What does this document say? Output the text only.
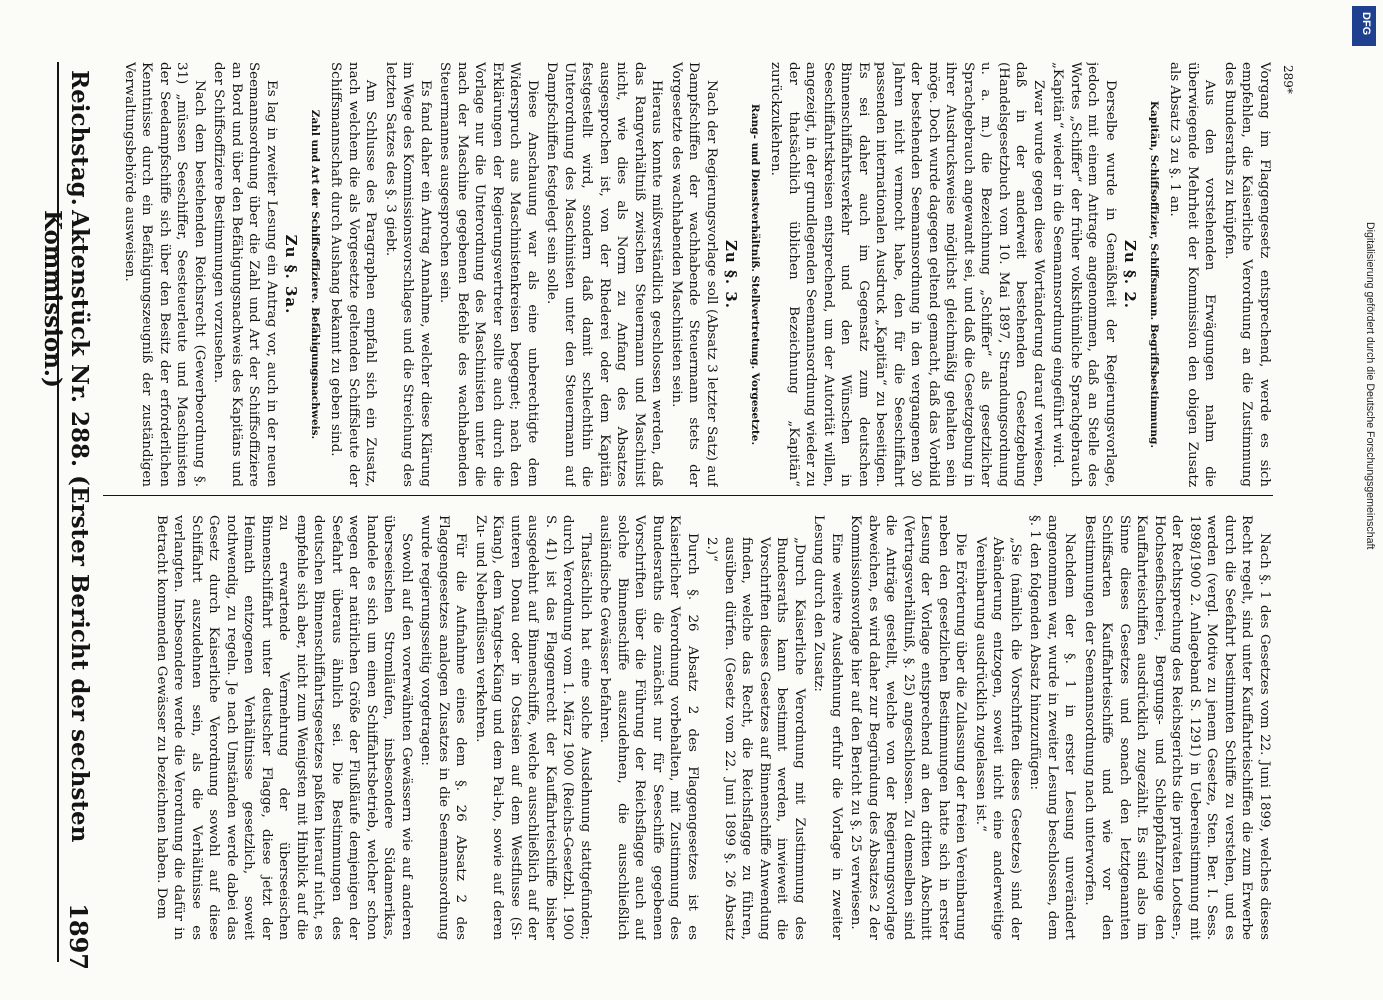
Reichstag.
Aktenstück Nr. 288. (Erster Bericht der sechsten Kommission.)
1897	Nach §. 1 des Gesetzes vom 22. Juni 1899, welches dieses Recht regelt, sind unter Kauffahrteischiffen die zum Erwerbe durch die Seefahrt bestimmten Schiffe zu verstehen, und es werden (vergl. Motive zu jenem Gesetze, Sten. Ber. I. Sess. 1898/1900 2. Anlageband S. 1291) in Uebereinstimmung mit der Rechtsprechung des Reichsgerichts die privaten Lootsen-, Hochseefischerei-, Bergungs- und Schleppfahrzeuge den Kauffahrteischiffen ausdrücklich zugezählt. Es sind also im Sinne dieses Gesetzes und sonach den letztgenannten Schiffsarten Kauffahrteischiffe und wie vor den Bestimmungen der Seemannsordnung nach unterworfen.

Nachdem der §. 1 in erster Lesung unverändert angenommen war, wurde in zweiter Lesung beschlossen, dem §. 1 den folgenden Absatz hinzuzufügen:

„Sie (nämlich die Vorschriften dieses Gesetzes) sind der Abänderung entzogen, soweit nicht eine anderweitige Vereinbarung ausdrücklich zugelassen ist.“

Die Erörterung über die Zulassung der freien Vereinbarung neben den gesetzlichen Bestimmungen hatte sich in erster Lesung der Vorlage entsprechend an den dritten Abschnitt (Vertragsverhältniß, §. 25) angeschlossen. Zu demselben sind die Anträge gestellt, welche von der Regierungsvorlage abweichen, es wird daher zur Begründung des Absatzes 2 der Kommissionsvorlage hier auf den Bericht zu §. 25 verwiesen.

Eine weitere Ausdehnung erfuhr die Vorlage in zweiter Lesung durch den Zusatz:

„Durch Kaiserliche Verordnung mit Zustimmung des Bundesraths kann bestimmt werden, inwieweit die Vorschriften dieses Gesetzes auf Binnenschiffe Anwendung finden, welche das Recht, die Reichsflagge zu führen, ausüben dürfen. (Gesetz vom 22. Juni 1899 §. 26 Absatz 2.)“

Durch §. 26 Absatz 2 des Flaggengesetzes ist es Kaiserlicher Verordnung vorbehalten, mit Zustimmung des Bundesraths die zunächst nur für Seeschiffe gegebenen Vorschriften über die Führung der Reichsflagge auch auf solche Binnenschiffe auszudehnen, die ausschließlich ausländische Gewässer befahren.

Thatsächlich hat eine solche Ausdehnung stattgefunden; durch Verordnung vom 1. März 1900 (Reichs-Gesetzbl. 1900 S. 41) ist das Flaggenrecht der Kauffahrteischiffe bisher ausgedehnt auf Binnenschiffe, welche ausschließlich auf der unteren Donau oder in Ostasien auf dem Westflusse (Si-Kiang), dem Yangtse-Kiang und dem Pai-ho, sowie auf deren Zu- und Nebenflüssen verkehren.

Für die Aufnahme eines dem §. 26 Absatz 2 des Flaggengesetzes analogen Zusatzes in die Seemannsordnung wurde regierungsseitig vorgetragen:

Sowohl auf den vorerwähnten Gewässern wie auf anderen überseeischen Stromläufen, insbesondere Südamerikas, handele es sich um einen Schiffahrtsbetrieb, welcher schon wegen der natürlichen Größe der Flußläufe demjenigen der Seefahrt überaus ähnlich sei. Die Bestimmungen des deutschen Binnenschiffahrtsgesetzes paßten hierauf nicht, es empfehle sich aber, nicht zum Wenigsten mit Hinblick auf die zu erwartende Vermehrung der überseeischen Binnenschiffahrt unter deutscher Flagge, diese jetzt der Heimath entzogenen Verhältnisse gesetzlich, soweit nothwendig, zu regeln. Je nach Umständen werde dabei das Gesetz durch Kaiserliche Verordnung sowohl auf diese Schiffahrt auszudehnen sein, als die Verhältnisse es verlangten. Insbesondere werde die Verordnung die dafür in Betracht kommenden Gewässer zu bezeichnen haben. Dem

Vorgang im Flaggengesetz entsprechend, werde es sich empfehlen, die Kaiserliche Verordnung an die Zustimmung des Bundesraths zu knüpfen.

Aus den vorstehenden Erwägungen nahm die überwiegende Mehrheit der Kommission den obigen Zusatz als Absatz 3 zu §. 1 an.

Kapitän, Schiffsoffizier, Schiffsmann. Begriffsbestimmung.

Zu §. 2.

Derselbe wurde in Gemäßheit der Regierungsvorlage, jedoch mit einem Antrage angenommen, daß an Stelle des Wortes „Schiffer“ der früher volksthümliche Sprachgebrauch „Kapitän“ wieder in die Seemannsordnung eingeführt wird.

Zwar wurde gegen diese Wortänderung darauf verwiesen, daß in der anderweit bestehenden Gesetzgebung (Handelsgesetzbuch vom 10. Mai 1897, Strandungsordnung u. a. m.) die Bezeichnung „Schiffer“ als gesetzlicher Sprachgebrauch angewandt sei, und daß die Gesetzgebung in ihrer Ausdrucksweise möglichst gleichmäßig gehalten sein möge. Doch wurde dagegen geltend gemacht, daß das Vorbild der bestehenden Seemannsordnung in den vergangenen 30 Jahren nicht vermocht habe, den für die Seeschiffahrt passenden internationalen Ausdruck „Kapitän“ zu beseitigen. Es sei daher auch im Gegensatz zum deutschen Binnenschiffahrtsverkehr und den Wünschen in Seeschiffahrtskreisen entsprechend, um der Autorität willen, angezeigt, in der grundlegenden Seemannsordnung wieder zu der thatsächlich üblichen Bezeichnung „Kapitän“ zurückzukehren.

Rang- und Dienstverhältniß. Stellvertretung. Vorgesetzte.

Zu §. 3.

Nach der Regierungsvorlage soll (Absatz 3 letzter Satz) auf Dampfschiffen der wachhabende Steuermann stets der Vorgesetzte des wachhabenden Maschinisten sein.

Hieraus konnte mißverständlich geschlossen werden, daß das Rangverhältniß zwischen Steuermann und Maschinist nicht, wie dies als Norm zu Anfang des Absatzes ausgesprochen ist, von der Rhederei oder dem Kapitän festgestellt wird, sondern daß damit schlechthin die Unterordnung des Maschinisten unter den Steuermann auf Dampfschiffen festgelegt sein solle.

Diese Anschauung war als eine unberechtigte dem Widerspruch aus Maschinistenkreisen begegnet; nach den Erklärungen der Regierungsvertreter sollte auch durch die Vorlage nur die Unterordnung des Maschinisten unter die nach der Maschine gegebenen Befehle des wachhabenden Steuermannes ausgesprochen sein.

Es fand daher ein Antrag Annahme, welcher diese Klärung im Wege des Kommissionsvorschlages und die Streichung des letzten Satzes des §. 3 giebt.

Am Schlusse des Paragraphen empfahl sich ein Zusatz, nach welchem die als Vorgesetzte geltenden Schiffsleute der Schiffsmannschaft durch Aushang bekannt zu geben sind.

Zahl und Art der Schiffsoffiziere. Befähigungsnachweis.

Zu §. 3a.

Es lag in zweiter Lesung ein Antrag vor, auch in der neuen Seemannsordnung über die Zahl und Art der Schiffsoffiziere an Bord und über den Befähigungsnachweis des Kapitäns und der Schiffsoffiziere Bestimmungen vorzusehen.

Nach dem bestehenden Reichsrecht (Gewerbeordnung §. 31) „müssen Seeschiffer, Seesteuerleute und Maschinisten der Seedampfschiffe sich über den Besitz der erforderlichen Kenntnisse durch ein Befähigungszeugniß der zuständigen Verwaltungsbehörde ausweisen.	289*
DFG
Digitalisierung gefördert durch die Deutsche Forschungsgemeinschaft
